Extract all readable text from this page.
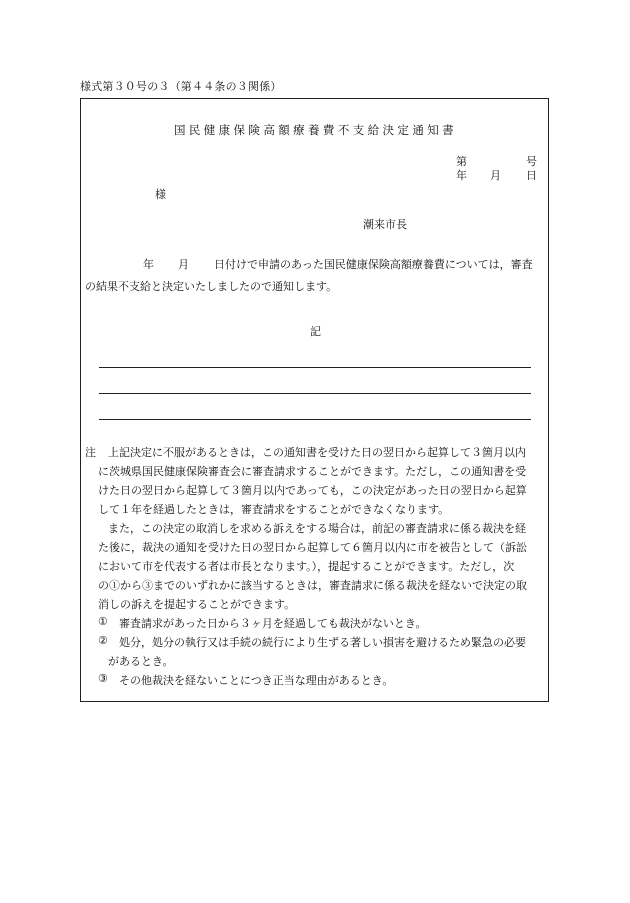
様式第３０号の３（第４４条の３関係）
国民健康保険高額療養費不支給決定通知書
第	号
年 月 日
様
潮来市長
年 月 日付けで申請のあった国民健康保険高額療養費については，審査
の結果不支給と決定いたしましたので通知します。
記
注 上記決定に不服があるときは，この通知書を受けた日の翌日から起算して３箇月以内
に茨城県国民健康保険審査会に審査請求することができます。ただし，この通知書を受
けた日の翌日から起算して３箇月以内であっても，この決定があった日の翌日から起算
して１年を経過したときは，審査請求をすることができなくなります。
また，この決定の取消しを求める訴えをする場合は，前記の審査請求に係る裁決を経
た後に，裁決の通知を受けた日の翌日から起算して６箇月以内に市を被告として（訴訟
において市を代表する者は市長となります。），提起することができます。ただし，次
の①から③までのいずれかに該当するときは，審査請求に係る裁決を経ないで決定の取
消しの訴えを提起することができます。
① 審査請求があった日から３ヶ月を経過しても裁決がないとき。
② 処分，処分の執行又は手続の続行により生ずる著しい損害を避けるため緊急の必要
があるとき。
③ その他裁決を経ないことにつき正当な理由があるとき。
